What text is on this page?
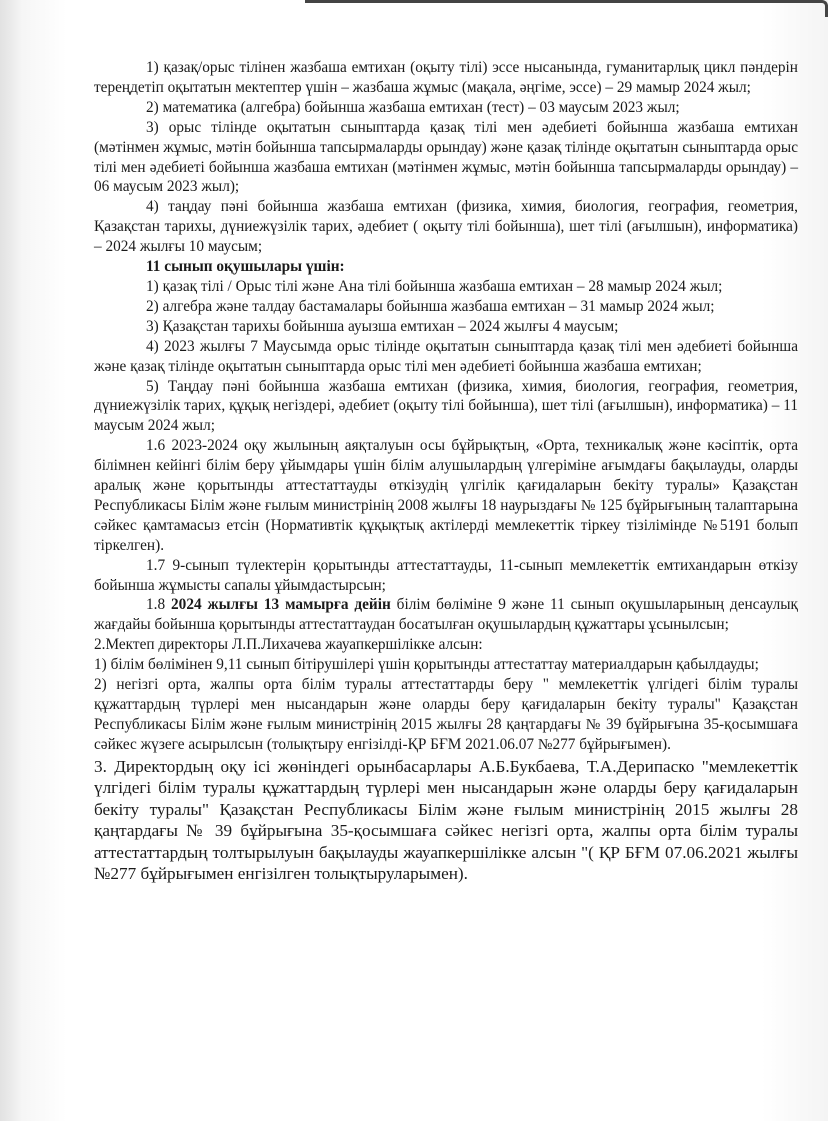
1) қазақ/орыс тілінен жазбаша емтихан (оқыту тілі) эссе нысанында, гуманитарлық цикл пәндерін тереңдетіп оқытатын мектептер үшін – жазбаша жұмыс (мақала, әңгіме, эссе) – 29 мамыр 2024 жыл;

2) математика (алгебра) бойынша жазбаша емтихан (тест) – 03 маусым 2023 жыл;

3) орыс тілінде оқытатын сыныптарда қазақ тілі мен әдебиеті бойынша жазбаша емтихан (мәтінмен жұмыс, мәтін бойынша тапсырмаларды орындау) және қазақ тілінде оқытатын сыныптарда орыс тілі мен әдебиеті бойынша жазбаша емтихан (мәтінмен жұмыс, мәтін бойынша тапсырмаларды орындау) – 06 маусым 2023 жыл);

4) таңдау пәні бойынша жазбаша емтихан (физика, химия, биология, география, геометрия, Қазақстан тарихы, дүниежүзілік тарих, әдебиет ( оқыту тілі бойынша), шет тілі (ағылшын), информатика) – 2024 жылғы 10 маусым;

11 сынып оқушылары үшін:

1) қазақ тілі / Орыс тілі және Ана тілі бойынша жазбаша емтихан – 28 мамыр 2024 жыл;

2) алгебра және талдау бастамалары бойынша жазбаша емтихан – 31 мамыр 2024 жыл;

3) Қазақстан тарихы бойынша ауызша емтихан – 2024 жылғы 4 маусым;

4) 2023 жылғы 7 Маусымда орыс тілінде оқытатын сыныптарда қазақ тілі мен әдебиеті бойынша және қазақ тілінде оқытатын сыныптарда орыс тілі мен әдебиеті бойынша жазбаша емтихан;

5) Таңдау пәні бойынша жазбаша емтихан (физика, химия, биология, география, геометрия, дүниежүзілік тарих, құқық негіздері, әдебиет (оқыту тілі бойынша), шет тілі (ағылшын), информатика) – 11 маусым 2024 жыл;

1.6 2023-2024 оқу жылының аяқталуын осы бұйрықтың, «Орта, техникалық және кәсіптік, орта білімнен кейінгі білім беру ұйымдары үшін білім алушылардың үлгеріміне ағымдағы бақылауды, оларды аралық және қорытынды аттестаттауды өткізудің үлгілік қағидаларын бекіту туралы» Қазақстан Республикасы Білім және ғылым министрінің 2008 жылғы 18 наурыздағы № 125 бұйрығының талаптарына сәйкес қамтамасыз етсін (Нормативтік құқықтық актілерді мемлекеттік тіркеу тізілімінде №5191 болып тіркелген).

1.7 9-сынып түлектерін қорытынды аттестаттауды, 11-сынып мемлекеттік емтихандарын өткізу бойынша жұмысты сапалы ұйымдастырсын;

1.8 2024 жылғы 13 мамырға дейін білім бөліміне 9 және 11 сынып оқушыларының денсаулық жағдайы бойынша қорытынды аттестаттаудан босатылған оқушылардың құжаттары ұсынылсын;

2.Мектеп директоры Л.П.Лихачева жауапкершілікке алсын:

1) білім бөлімінен 9,11 сынып бітірушілері үшін қорытынды аттестаттау материалдарын қабылдауды;

2) негізгі орта, жалпы орта білім туралы аттестаттарды беру " мемлекеттік үлгідегі білім туралы құжаттардың түрлері мен нысандарын және оларды беру қағидаларын бекіту туралы" Қазақстан Республикасы Білім және ғылым министрінің 2015 жылғы 28 қаңтардағы № 39 бұйрығына 35-қосымшаға сәйкес жүзеге асырылсын (толықтыру енгізілді-ҚР БҒМ 2021.06.07 №277 бұйрығымен).

3. Директордың оқу ісі жөніндегі орынбасарлары А.Б.Букбаева, Т.А.Дерипаско "мемлекеттік үлгідегі білім туралы құжаттардың түрлері мен нысандарын және оларды беру қағидаларын бекіту туралы" Қазақстан Республикасы Білім және ғылым министрінің 2015 жылғы 28 қаңтардағы № 39 бұйрығына 35-қосымшаға сәйкес негізгі орта, жалпы орта білім туралы аттестаттардың толтырылуын бақылауды жауапкершілікке алсын "( ҚР БҒМ 07.06.2021 жылғы №277 бұйрығымен енгізілген толықтыруларымен).
